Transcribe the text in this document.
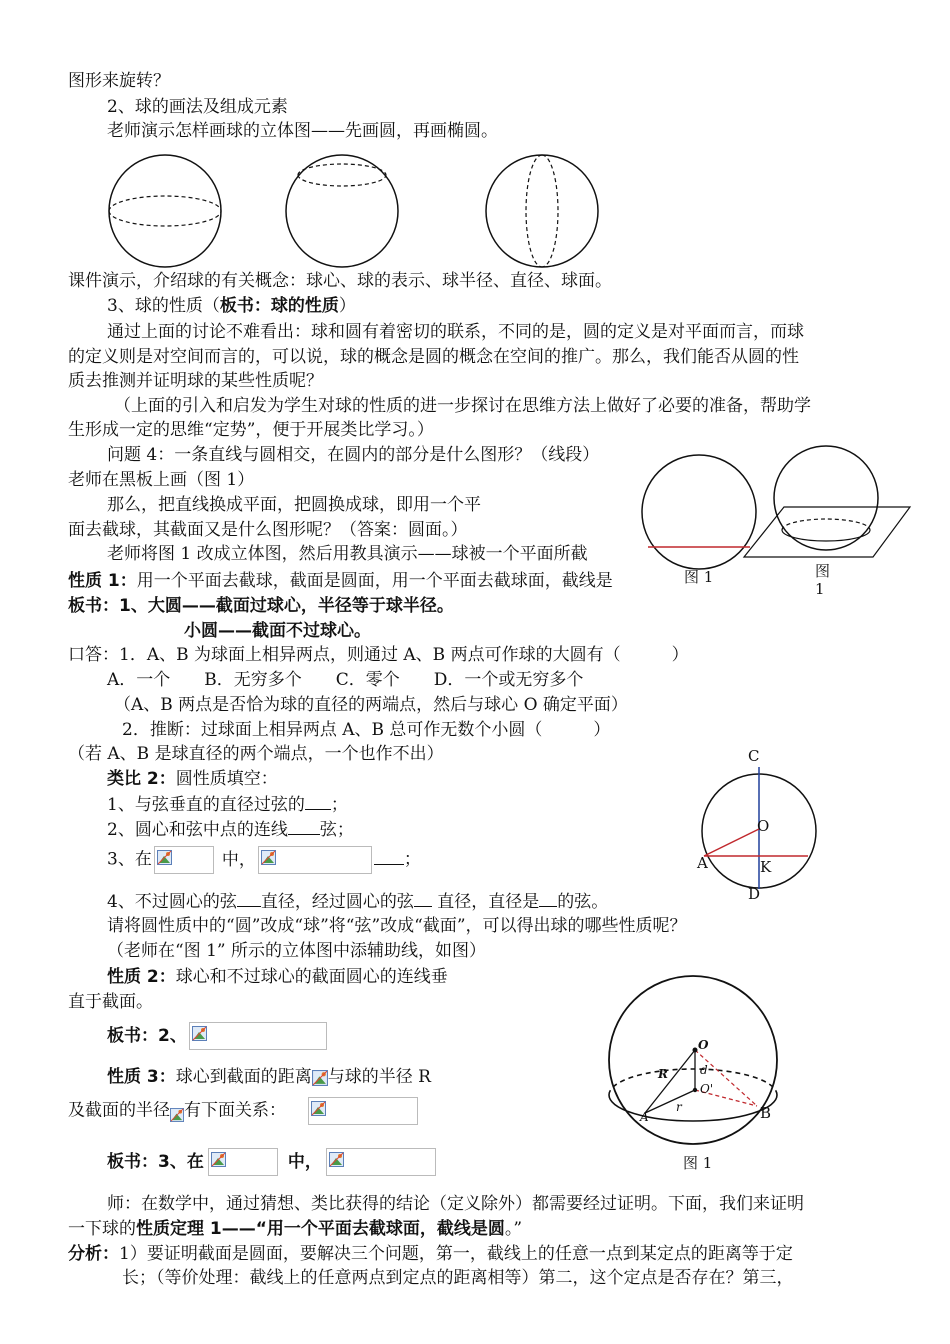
图形来旋转？
2、球的画法及组成元素
老师演示怎样画球的立体图——先画圆，再画椭圆。
课件演示，介绍球的有关概念：球心、球的表示、球半径、直径、球面。
3、球的性质（板书：球的性质）
通过上面的讨论不难看出：球和圆有着密切的联系，不同的是，圆的定义是对平面而言，而球
的定义则是对空间而言的，可以说，球的概念是圆的概念在空间的推广。那么，我们能否从圆的性
质去推测并证明球的某些性质呢？
（上面的引入和启发为学生对球的性质的进一步探讨在思维方法上做好了必要的准备，帮助学
生形成一定的思维“定势”，便于开展类比学习。）
问题 4：一条直线与圆相交，在圆内的部分是什么图形？（线段）
老师在黑板上画（图 1）
那么，把直线换成平面，把圆换成球，即用一个平
面去截球，其截面又是什么图形呢？（答案：圆面。）
老师将图 1 改成立体图，然后用教具演示——球被一个平面所截
图 1	图
1
性质 1：用一个平面去截球，截面是圆面，用一个平面去截球面，截线是
板书：1、大圆——截面过球心，半径等于球半径。
小圆——截面不过球心。
口答：1．A、B 为球面上相异两点，则通过 A、B 两点可作球的大圆有（　　　）
A．一个　　B．无穷多个　　C．零个　　D．一个或无穷多个
（A、B 两点是否恰为球的直径的两端点，然后与球心 O 确定平面）
2．推断：过球面上相异两点 A、B 总可作无数个小圆（　　　）
（若 A、B 是球直径的两个端点，一个也作不出）
类比 2：圆性质填空：
1、与弦垂直的直径过弦的 ；
2、圆心和弦中点的连线 弦；
3、在	中，	；
C
O
A	K
D
4、不过圆心的弦 直径，经过圆心的弦 直径，直径是 的弦。
请将圆性质中的“圆”改成“球”将“弦”改成“截面”，可以得出球的哪些性质呢？
（老师在“图 1” 所示的立体图中添辅助线，如图）
性质 2：球心和不过球心的截面圆心的连线垂
直于截面。
板书：2、
性质 3：球心到截面的距离 与球的半径 R
及截面的半径 有下面关系：
板书：3、在	中，
O
d
O'
R
r
A	B
图 1
师：在数学中，通过猜想、类比获得的结论（定义除外）都需要经过证明。下面，我们来证明
一下球的性质定理 1——“用一个平面去截球面，截线是圆。”
分析：1）要证明截面是圆面，要解决三个问题，第一，截线上的任意一点到某定点的距离等于定
长；（等价处理：截线上的任意两点到定点的距离相等）第二，这个定点是否存在？第三，
